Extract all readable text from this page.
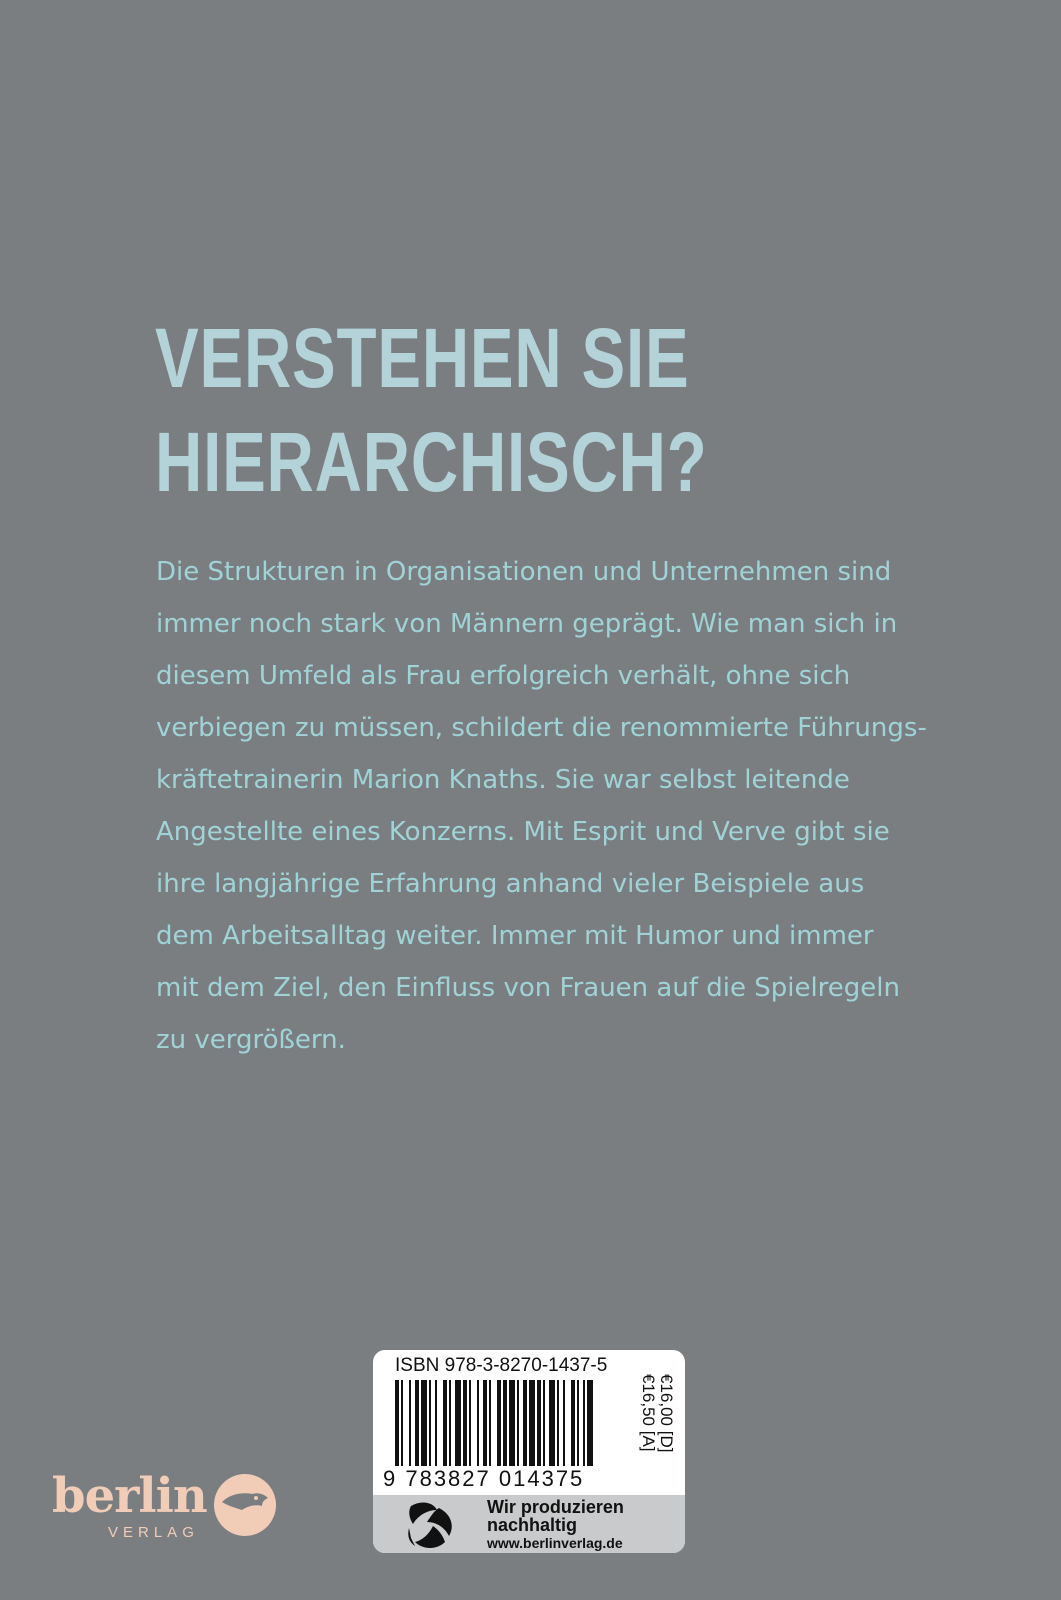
VERSTEHEN SIE
HIERARCHISCH?

Die Strukturen in Organisationen und Unternehmen sind
immer noch stark von Männern geprägt. Wie man sich in
diesem Umfeld als Frau erfolgreich verhält, ohne sich
verbiegen zu müssen, schildert die renommierte Führungs-
kräftetrainerin Marion Knaths. Sie war selbst leitende
Angestellte eines Konzerns. Mit Esprit und Verve gibt sie
ihre langjährige Erfahrung anhand vieler Beispiele aus
dem Arbeitsalltag weiter. Immer mit Humor und immer
mit dem Ziel, den Einfluss von Frauen auf die Spielregeln
zu vergrößern.

ISBN 978-3-8270-1437-5
9 783827 014375
€16,00 [D]
€16,50 [A]
Wir produzieren
nachhaltig
www.berlinverlag.de
berlin
VERLAG
